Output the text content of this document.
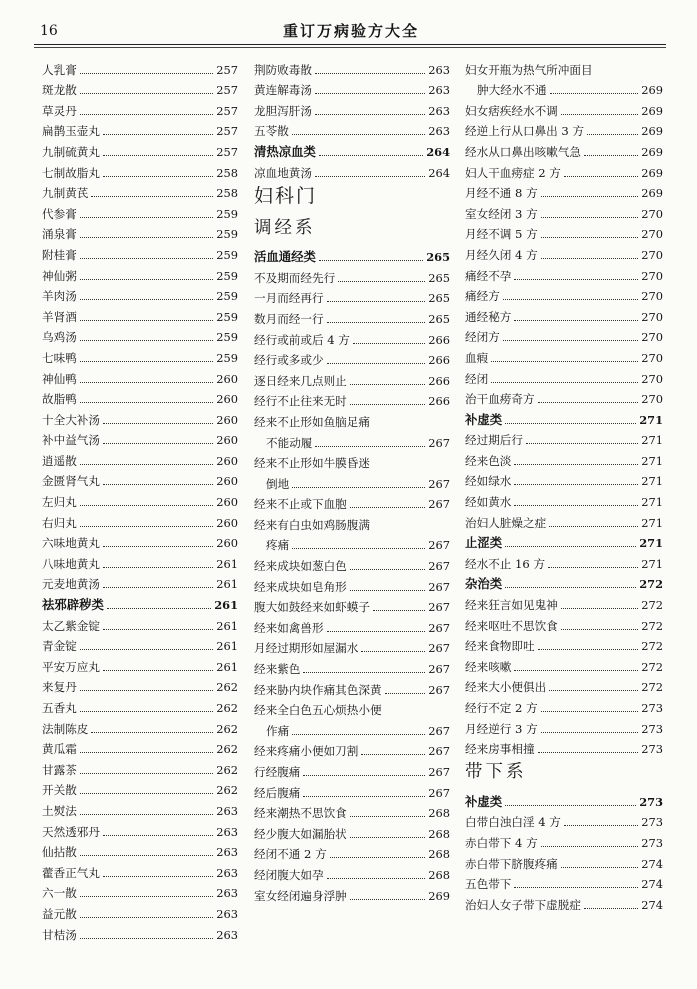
16	重订万病验方大全
人乳膏	257
斑龙散	257
草灵丹	257
扁鹊玉壶丸	257
九制硫黄丸	257
七制故脂丸	258
九制黄芪	258
代参膏	259
涌泉膏	259
附桂膏	259
神仙粥	259
羊肉汤	259
羊肾酒	259
乌鸡汤	259
七味鸭	259
神仙鸭	260
故脂鸭	260
十全大补汤	260
补中益气汤	260
逍遥散	260
金匮肾气丸	260
左归丸	260
右归丸	260
六味地黄丸	260
八味地黄丸	261
元麦地黄汤	261
祛邪辟秽类	261
太乙紫金锭	261
青金锭	261
平安万应丸	261
来复丹	262
五香丸	262
法制陈皮	262
黄瓜霜	262
甘露茶	262
开关散	262
土熨法	263
天然透邪丹	263
仙拈散	263
藿香正气丸	263
六一散	263
益元散	263
甘桔汤	263
荆防败毒散	263
黄连解毒汤	263
龙胆泻肝汤	263
五苓散	263
清热凉血类	264
凉血地黄汤	264
妇科门
调经系
活血通经类	265
不及期而经先行	265
一月而经再行	265
数月而经一行	265
经行或前或后 4 方	266
经行或多或少	266
逐日经来几点则止	266
经行不止往来无时	266
经来不止形如鱼脑足痛
不能动履	267
经来不止形如牛膜昏迷
倒地	267
经来不止或下血胞	267
经来有白虫如鸡肠腹满
疼痛	267
经来成块如葱白色	267
经来成块如皂角形	267
腹大如鼓经来如虾蟆子	267
经来如禽兽形	267
月经过期形如屋漏水	267
经来紫色	267
经来胁内块作痛其色深黄	267
经来全白色五心烦热小便
作痛	267
经来疼痛小便如刀割	267
行经腹痛	267
经后腹痛	267
经来潮热不思饮食	268
经少腹大如漏胎状	268
经闭不通 2 方	268
经闭腹大如孕	268
室女经闭遍身浮肿	269
妇女开瓶为热气所冲面目
肿大经水不通	269
妇女痞疾经水不调	269
经逆上行从口鼻出 3 方	269
经水从口鼻出咳嗽气急	269
妇人干血痨症 2 方	269
月经不通 8 方	269
室女经闭 3 方	270
月经不调 5 方	270
月经久闭 4 方	270
痛经不孕	270
痛经方	270
通经秘方	270
经闭方	270
血瘕	270
经闭	270
治干血痨奇方	270
补虚类	271
经过期后行	271
经来色淡	271
经如绿水	271
经如黄水	271
治妇人脏燥之症	271
止涩类	271
经水不止 16 方	271
杂治类	272
经来狂言如见鬼神	272
经来呕吐不思饮食	272
经来食物即吐	272
经来咳嗽	272
经来大小便俱出	272
经行不定 2 方	273
月经逆行 3 方	273
经来房事相撞	273
带下系
补虚类	273
白带白浊白淫 4 方	273
赤白带下 4 方	273
赤白带下脐腹疼痛	274
五色带下	274
治妇人女子带下虚脱症	274
